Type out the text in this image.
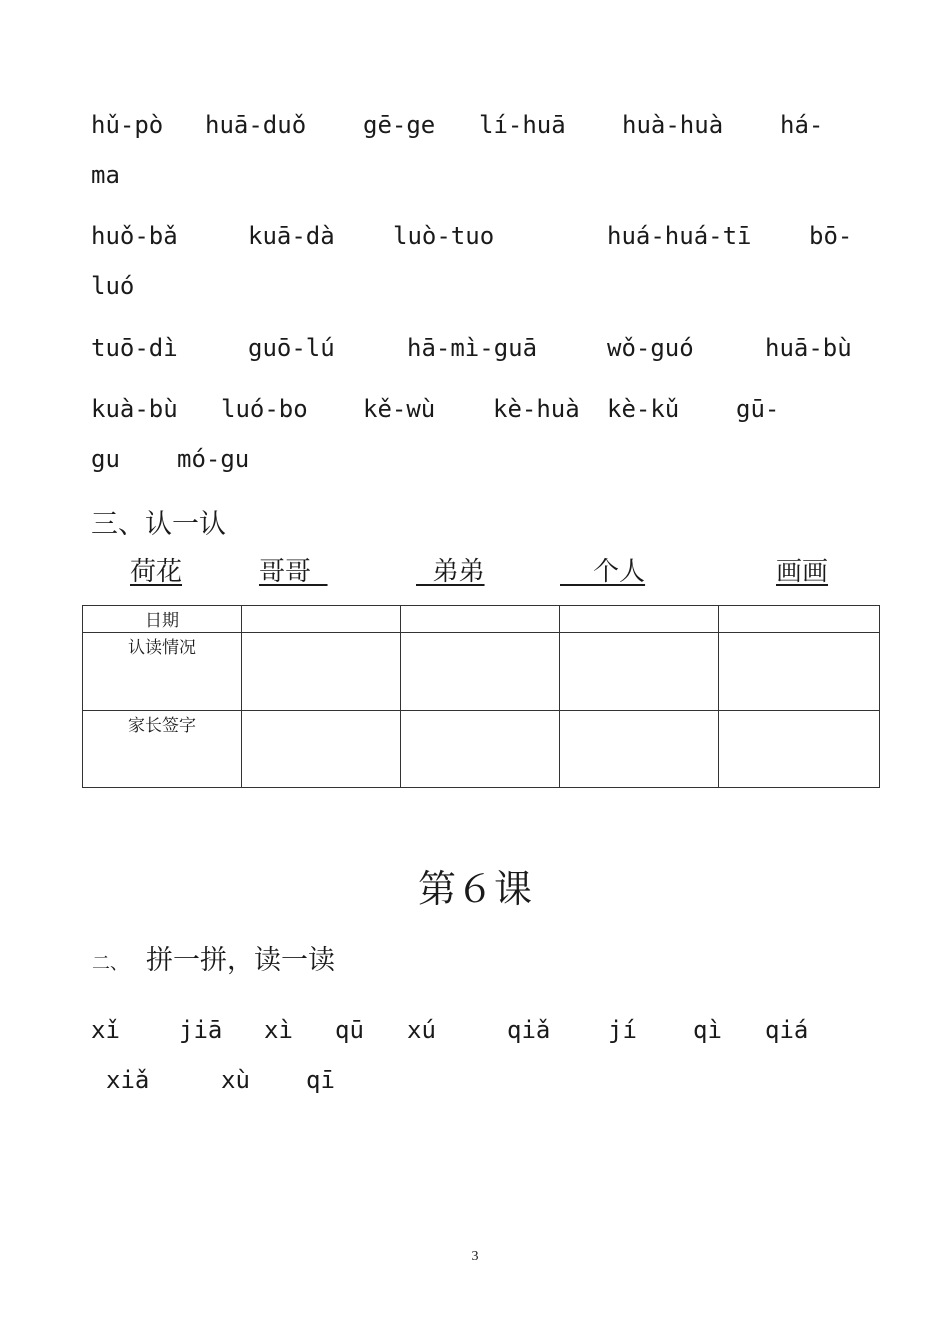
hǔ-pò huā-duǒ gē-ge lí-huā huà-huà há-
ma
huǒ-bǎ	kuā-dà luò-tuo	huá-huá-tī bō-
luó
tuō-dì	guō-lú	hā-mì-guā	wǒ-guó	huā-bù
kuà-bù luó-bo kě-wù kè-huà kè-kǔ gū-
gu mó-gu
三、认一认
荷花	哥哥	弟弟	个人	画画
日期				
认读情况				
家长签字				
第６课
二、 拼一拼，读一读
xǐ jiā xì qū xú	qiǎ jí qì qiá
xiǎ	xù qī
3
